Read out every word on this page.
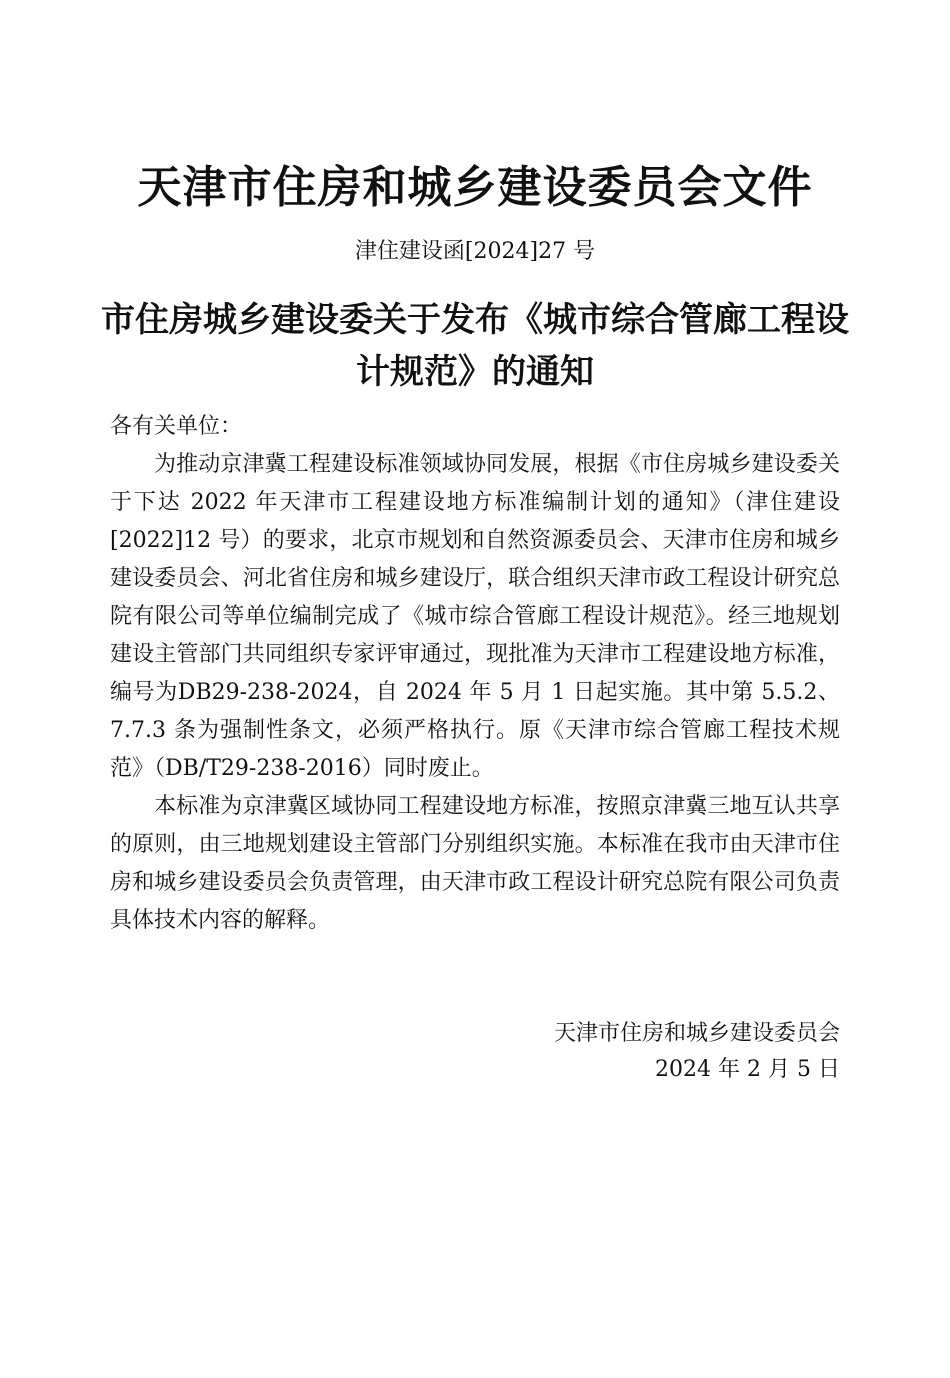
天津市住房和城乡建设委员会文件
津住建设函[2024]27 号
市住房城乡建设委关于发布《城市综合管廊工程设
计规范》的通知

各有关单位：

为推动京津冀工程建设标准领域协同发展，根据《市住房城乡建设委关于下达 2022 年天津市工程建设地方标准编制计划的通知》（津住建设[2022]12 号）的要求，北京市规划和自然资源委员会、天津市住房和城乡建设委员会、河北省住房和城乡建设厅，联合组织天津市政工程设计研究总院有限公司等单位编制完成了《城市综合管廊工程设计规范》。经三地规划建设主管部门共同组织专家评审通过，现批准为天津市工程建设地方标准，编号为DB29-238-2024，自 2024 年 5 月 1 日起实施。其中第 5.5.2、7.7.3 条为强制性条文，必须严格执行。原《天津市综合管廊工程技术规范》（DB/T29-238-2016）同时废止。

本标准为京津冀区域协同工程建设地方标准，按照京津冀三地互认共享的原则，由三地规划建设主管部门分别组织实施。本标准在我市由天津市住房和城乡建设委员会负责管理，由天津市政工程设计研究总院有限公司负责具体技术内容的解释。

天津市住房和城乡建设委员会
2024 年 2 月 5 日
